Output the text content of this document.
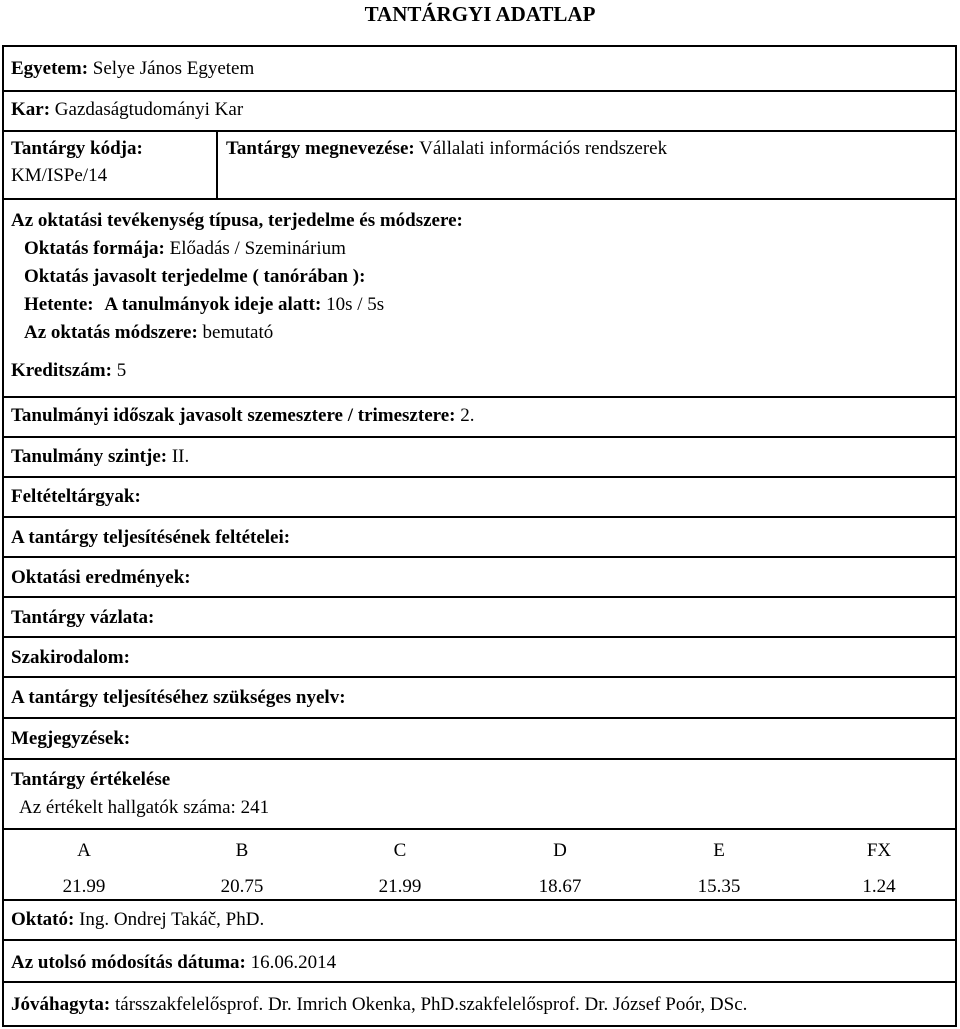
TANTÁRGYI ADATLAP
Egyetem: Selye János Egyetem
Kar: Gazdaságtudományi Kar
Tantárgy kódja:
KM/ISPe/14
Tantárgy megnevezése: Vállalati információs rendszerek
Az oktatási tevékenység típusa, terjedelme és módszere:
Oktatás formája: Előadás / Szeminárium
Oktatás javasolt terjedelme ( tanórában ):
Hetente: A tanulmányok ideje alatt: 10s / 5s
Az oktatás módszere: bemutató
Kreditszám: 5
Tanulmányi időszak javasolt szemesztere / trimesztere: 2.
Tanulmány szintje: II.
Feltételtárgyak:
A tantárgy teljesítésének feltételei:
Oktatási eredmények:
Tantárgy vázlata:
Szakirodalom:
A tantárgy teljesítéséhez szükséges nyelv:
Megjegyzések:
Tantárgy értékelése
Az értékelt hallgatók száma: 241
A	B	C	D	E	FX
21.99	20.75	21.99	18.67	15.35	1.24
Oktató: Ing. Ondrej Takáč, PhD.
Az utolsó módosítás dátuma: 16.06.2014
Jóváhagyta: társszakfelelősprof. Dr. Imrich Okenka, PhD.szakfelelősprof. Dr. József Poór, DSc.
